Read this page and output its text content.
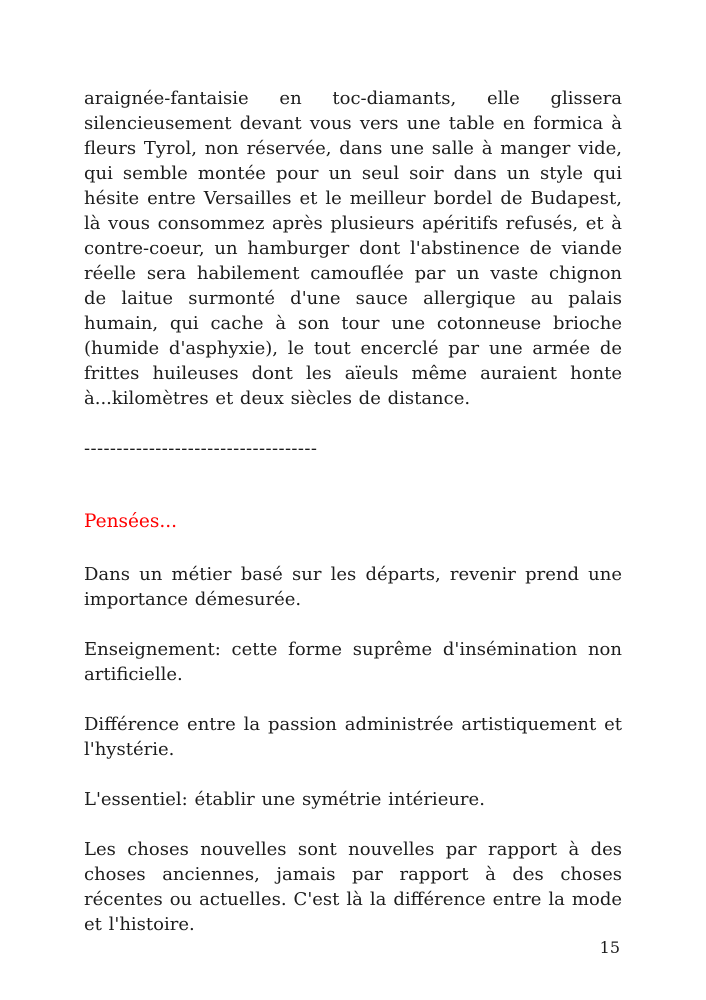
araignée-fantaisie en toc-diamants, elle glissera silencieusement devant vous vers une table en formica à fleurs Tyrol, non réservée, dans une salle à manger vide, qui semble montée pour un seul soir dans un style qui hésite entre Versailles et le meilleur bordel de Budapest, là vous consommez après plusieurs apéritifs refusés, et à contre-coeur, un hamburger dont l'abstinence de viande réelle sera habilement camouflée par un vaste chignon de laitue surmonté d'une sauce allergique au palais humain, qui cache à son tour une cotonneuse brioche (humide d'asphyxie), le tout encerclé par une armée de frittes huileuses dont les aïeuls même auraient honte à...kilomètres et deux siècles de distance.

------------------------------------
Pensées...

Dans un métier basé sur les départs, revenir prend une importance démesurée.

Enseignement: cette forme suprême d'insémination non artificielle.

Différence entre la passion administrée artistiquement et l'hystérie.

L'essentiel: établir une symétrie intérieure.

Les choses nouvelles sont nouvelles par rapport à des choses anciennes, jamais par rapport à des choses récentes ou actuelles. C'est là la différence entre la mode et l'histoire.

15
